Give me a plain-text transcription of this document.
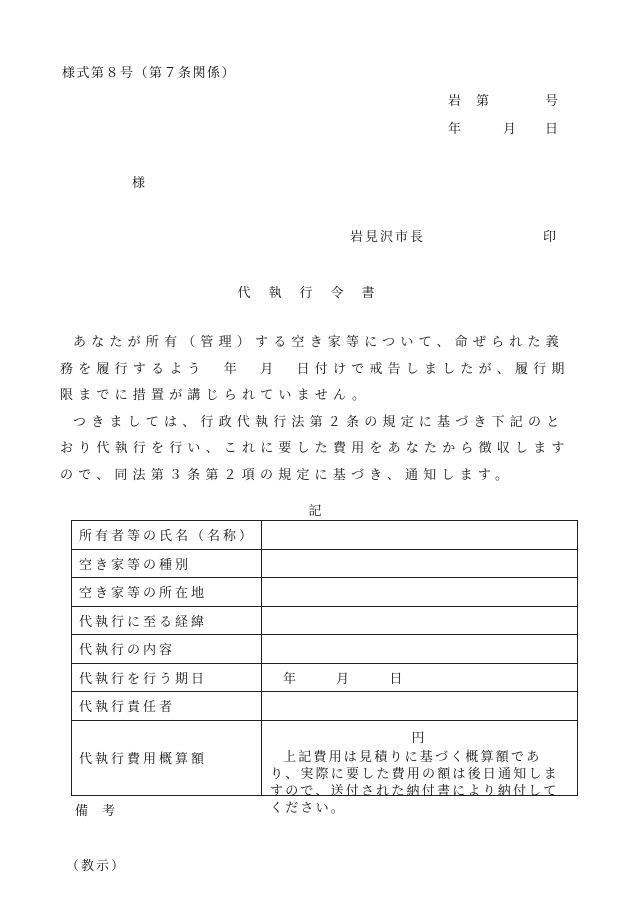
様式第８号（第７条関係）
岩 第	号
年	月 日
様
岩見沢市長	印
代執行令書

あなたが所有（管理）する空き家等について、命ぜられた義務を履行するよう　年　月　日付けで戒告しましたが、履行期限までに措置が講じられていません。

つきましては、行政代執行法第２条の規定に基づき下記のとおり代執行を行い、これに要した費用をあなたから徴収しますので、同法第３条第２項の規定に基づき、通知します。

記
所有者等の氏名（名称）	
空き家等の種別	
空き家等の所在地	
代執行に至る経緯	
代執行の内容	
代執行を行う期日	年 月 日
代執行責任者	
代執行費用概算額	円
上記費用は見積りに基づく概算額であり、実際に要した費用の額は後日通知しますので、送付された納付書により納付してください。
備考
（教示）
